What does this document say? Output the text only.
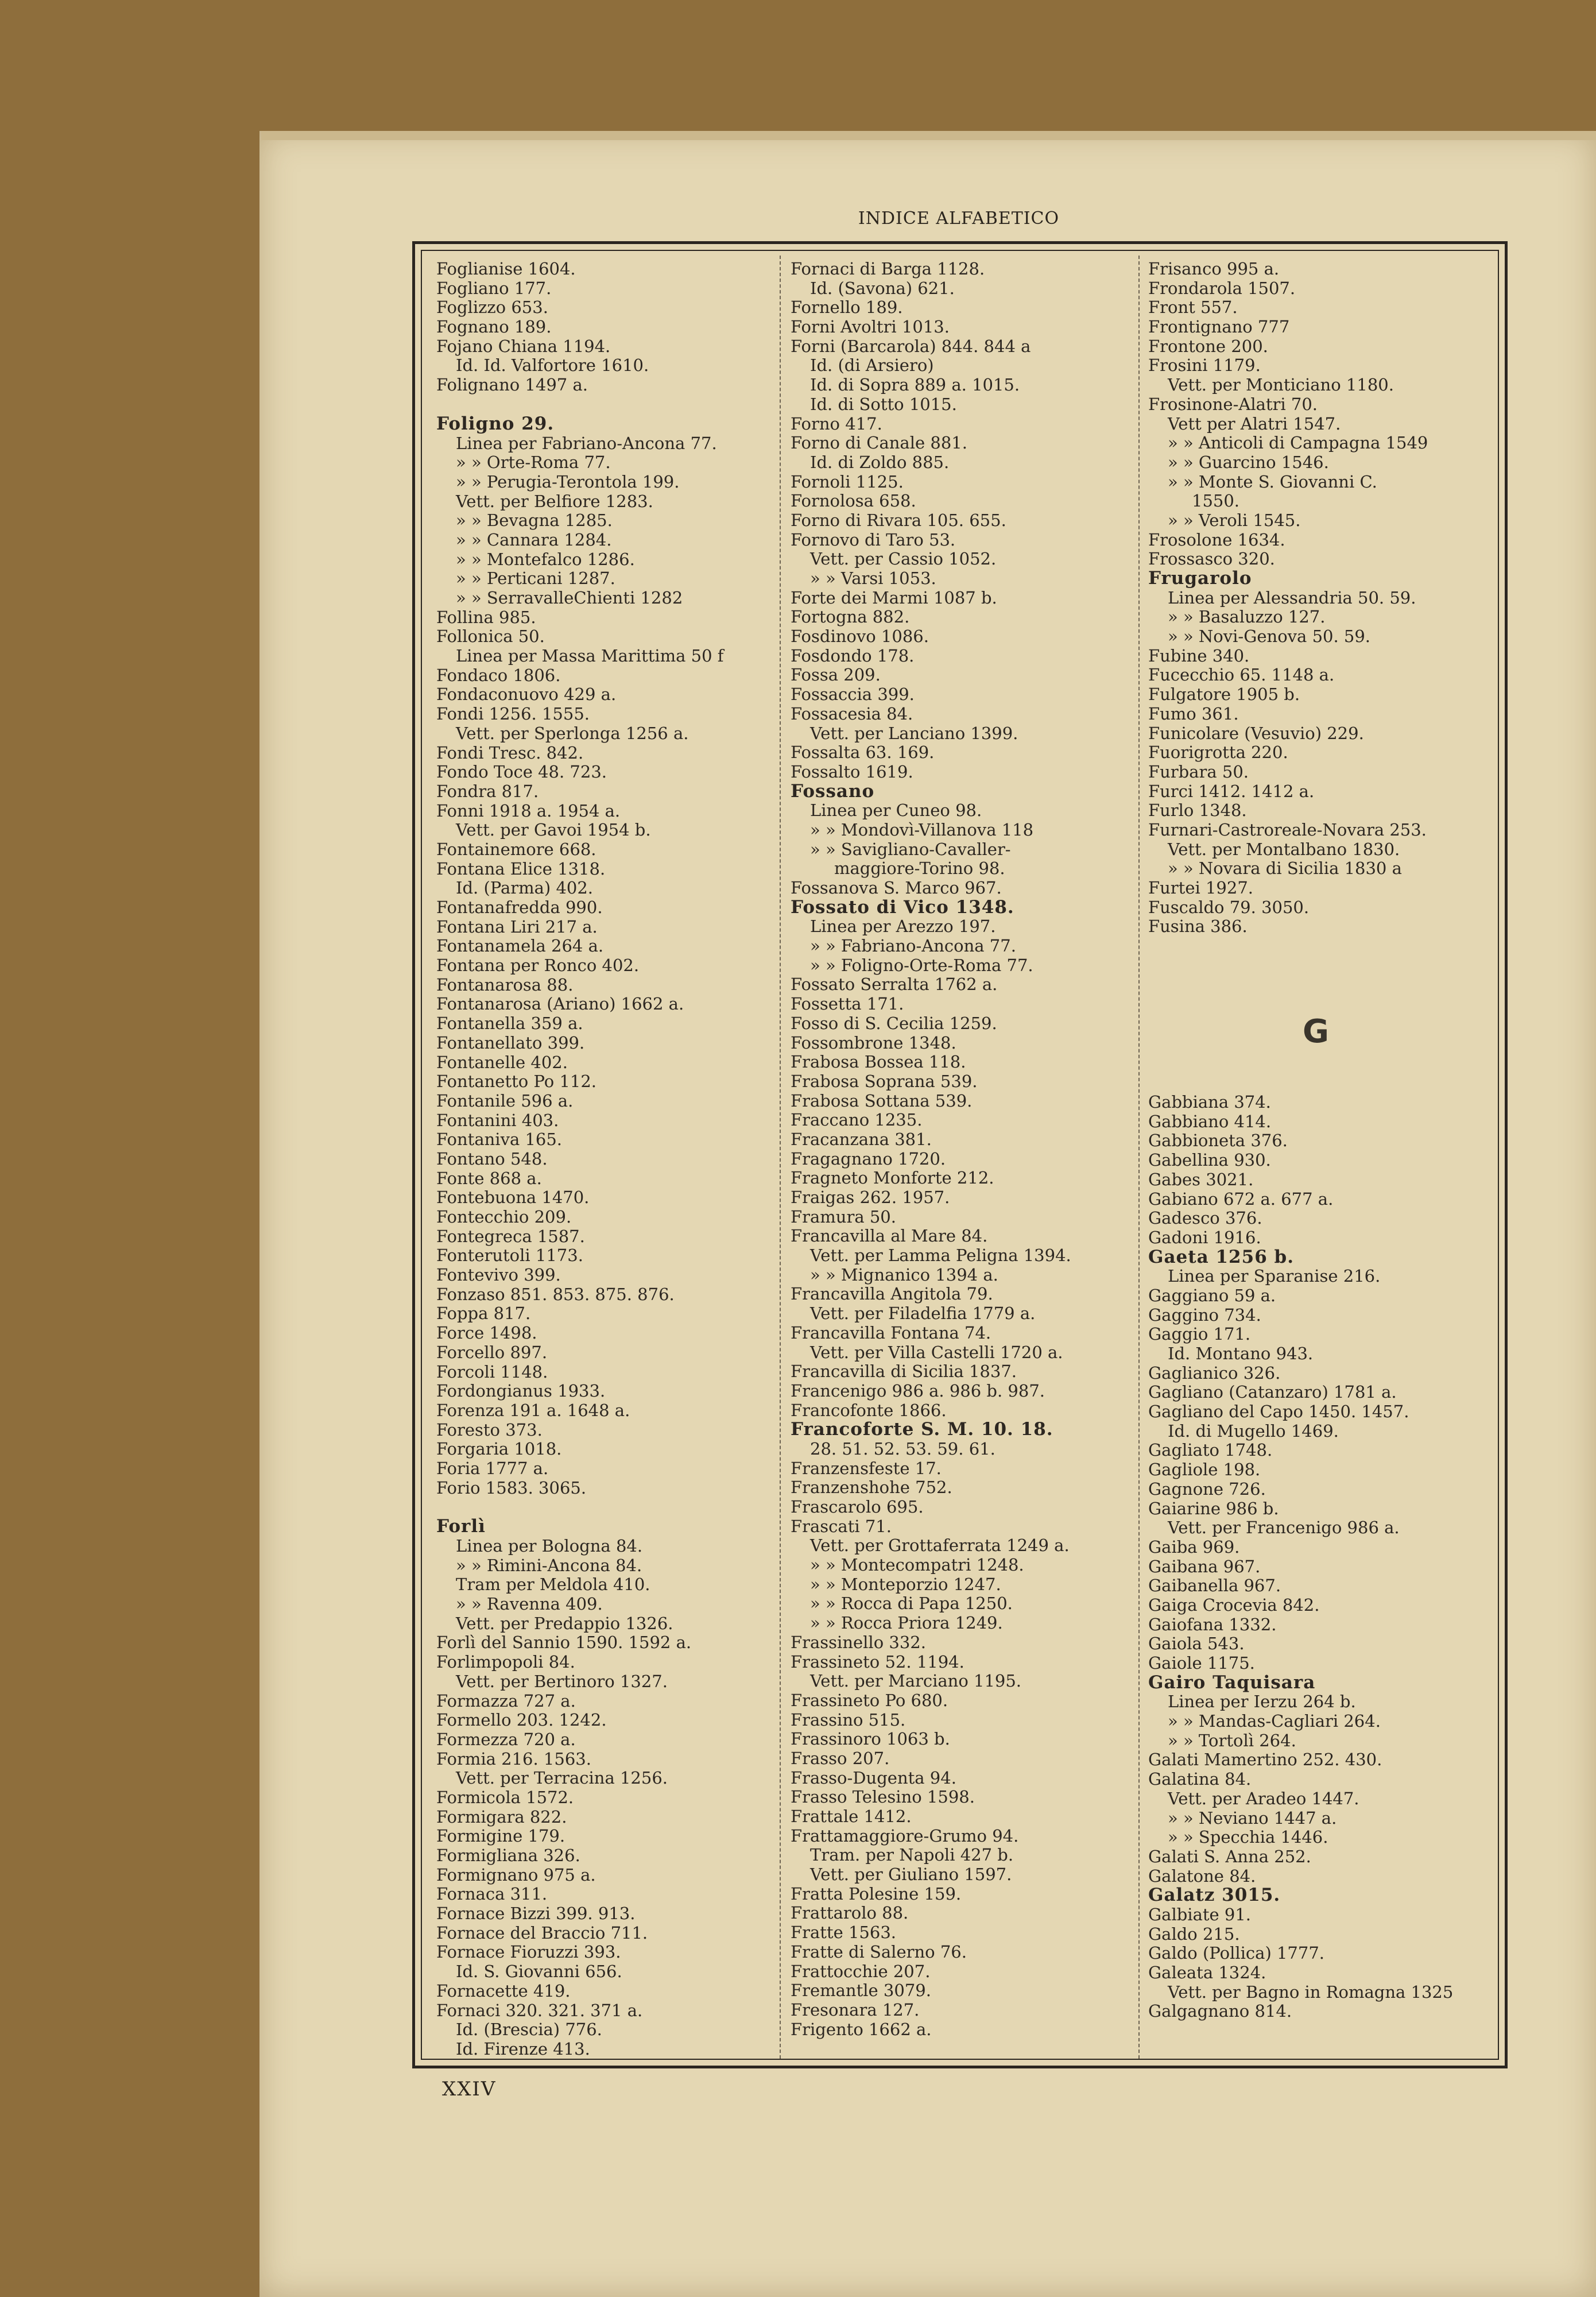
INDICE ALFABETICO
Foglianise 1604.
Fogliano 177.
Foglizzo 653.
Fognano 189.
Fojano Chiana 1194.
Id. Id. Valfortore 1610.
Folignano 1497 a.
Foligno 29.
Linea per Fabriano-Ancona 77.
» » Orte-Roma 77.
» » Perugia-Terontola 199.
Vett. per Belfiore 1283.
» » Bevagna 1285.
» » Cannara 1284.
» » Montefalco 1286.
» » Perticani 1287.
» » SerravalleChienti 1282
Follina 985.
Follonica 50.
Linea per Massa Marittima 50 f
Fondaco 1806.
Fondaconuovo 429 a.
Fondi 1256. 1555.
Vett. per Sperlonga 1256 a.
Fondi Tresc. 842.
Fondo Toce 48. 723.
Fondra 817.
Fonni 1918 a. 1954 a.
Vett. per Gavoi 1954 b.
Fontainemore 668.
Fontana Elice 1318.
Id. (Parma) 402.
Fontanafredda 990.
Fontana Liri 217 a.
Fontanamela 264 a.
Fontana per Ronco 402.
Fontanarosa 88.
Fontanarosa (Ariano) 1662 a.
Fontanella 359 a.
Fontanellato 399.
Fontanelle 402.
Fontanetto Po 112.
Fontanile 596 a.
Fontanini 403.
Fontaniva 165.
Fontano 548.
Fonte 868 a.
Fontebuona 1470.
Fontecchio 209.
Fontegreca 1587.
Fonterutoli 1173.
Fontevivo 399.
Fonzaso 851. 853. 875. 876.
Foppa 817.
Force 1498.
Forcello 897.
Forcoli 1148.
Fordongianus 1933.
Forenza 191 a. 1648 a.
Foresto 373.
Forgaria 1018.
Foria 1777 a.
Forio 1583. 3065.
Forlì
Linea per Bologna 84.
» » Rimini-Ancona 84.
Tram per Meldola 410.
» » Ravenna 409.
Vett. per Predappio 1326.
Forlì del Sannio 1590. 1592 a.
Forlimpopoli 84.
Vett. per Bertinoro 1327.
Formazza 727 a.
Formello 203. 1242.
Formezza 720 a.
Formia 216. 1563.
Vett. per Terracina 1256.
Formicola 1572.
Formigara 822.
Formigine 179.
Formigliana 326.
Formignano 975 a.
Fornaca 311.
Fornace Bizzi 399. 913.
Fornace del Braccio 711.
Fornace Fioruzzi 393.
Id. S. Giovanni 656.
Fornacette 419.
Fornaci 320. 321. 371 a.
Id. (Brescia) 776.
Id. Firenze 413.
Fornaci di Barga 1128.
Id. (Savona) 621.
Fornello 189.
Forni Avoltri 1013.
Forni (Barcarola) 844. 844 a
Id. (di Arsiero)
Id. di Sopra 889 a. 1015.
Id. di Sotto 1015.
Forno 417.
Forno di Canale 881.
Id. di Zoldo 885.
Fornoli 1125.
Fornolosa 658.
Forno di Rivara 105. 655.
Fornovo di Taro 53.
Vett. per Cassio 1052.
» » Varsi 1053.
Forte dei Marmi 1087 b.
Fortogna 882.
Fosdinovo 1086.
Fosdondo 178.
Fossa 209.
Fossaccia 399.
Fossacesia 84.
Vett. per Lanciano 1399.
Fossalta 63. 169.
Fossalto 1619.
Fossano
Linea per Cuneo 98.
» » Mondovì-Villanova 118
» » Savigliano-Cavaller-
maggiore-Torino 98.
Fossanova S. Marco 967.
Fossato di Vico 1348.
Linea per Arezzo 197.
» » Fabriano-Ancona 77.
» » Foligno-Orte-Roma 77.
Fossato Serralta 1762 a.
Fossetta 171.
Fosso di S. Cecilia 1259.
Fossombrone 1348.
Frabosa Bossea 118.
Frabosa Soprana 539.
Frabosa Sottana 539.
Fraccano 1235.
Fracanzana 381.
Fragagnano 1720.
Fragneto Monforte 212.
Fraigas 262. 1957.
Framura 50.
Francavilla al Mare 84.
Vett. per Lamma Peligna 1394.
» » Mignanico 1394 a.
Francavilla Angitola 79.
Vett. per Filadelfia 1779 a.
Francavilla Fontana 74.
Vett. per Villa Castelli 1720 a.
Francavilla di Sicilia 1837.
Francenigo 986 a. 986 b. 987.
Francofonte 1866.
Francoforte S. M. 10. 18.
28. 51. 52. 53. 59. 61.
Franzensfeste 17.
Franzenshohe 752.
Frascarolo 695.
Frascati 71.
Vett. per Grottaferrata 1249 a.
» » Montecompatri 1248.
» » Monteporzio 1247.
» » Rocca di Papa 1250.
» » Rocca Priora 1249.
Frassinello 332.
Frassineto 52. 1194.
Vett. per Marciano 1195.
Frassineto Po 680.
Frassino 515.
Frassinoro 1063 b.
Frasso 207.
Frasso-Dugenta 94.
Frasso Telesino 1598.
Frattale 1412.
Frattamaggiore-Grumo 94.
Tram. per Napoli 427 b.
Vett. per Giuliano 1597.
Fratta Polesine 159.
Frattarolo 88.
Fratte 1563.
Fratte di Salerno 76.
Frattocchie 207.
Fremantle 3079.
Fresonara 127.
Frigento 1662 a.
Frisanco 995 a.
Frondarola 1507.
Front 557.
Frontignano 777
Frontone 200.
Frosini 1179.
Vett. per Monticiano 1180.
Frosinone-Alatri 70.
Vett per Alatri 1547.
» » Anticoli di Campagna 1549
» » Guarcino 1546.
» » Monte S. Giovanni C.
1550.
» » Veroli 1545.
Frosolone 1634.
Frossasco 320.
Frugarolo
Linea per Alessandria 50. 59.
» » Basaluzzo 127.
» » Novi-Genova 50. 59.
Fubine 340.
Fucecchio 65. 1148 a.
Fulgatore 1905 b.
Fumo 361.
Funicolare (Vesuvio) 229.
Fuorigrotta 220.
Furbara 50.
Furci 1412. 1412 a.
Furlo 1348.
Furnari-Castroreale-Novara 253.
Vett. per Montalbano 1830.
» » Novara di Sicilia 1830 a
Furtei 1927.
Fuscaldo 79. 3050.
Fusina 386.
Gabbiana 374.
Gabbiano 414.
Gabbioneta 376.
Gabellina 930.
Gabes 3021.
Gabiano 672 a. 677 a.
Gadesco 376.
Gadoni 1916.
Gaeta 1256 b.
Linea per Sparanise 216.
Gaggiano 59 a.
Gaggino 734.
Gaggio 171.
Id. Montano 943.
Gaglianico 326.
Gagliano (Catanzaro) 1781 a.
Gagliano del Capo 1450. 1457.
Id. di Mugello 1469.
Gagliato 1748.
Gagliole 198.
Gagnone 726.
Gaiarine 986 b.
Vett. per Francenigo 986 a.
Gaiba 969.
Gaibana 967.
Gaibanella 967.
Gaiga Crocevia 842.
Gaiofana 1332.
Gaiola 543.
Gaiole 1175.
Gairo Taquisara
Linea per Ierzu 264 b.
» » Mandas-Cagliari 264.
» » Tortolì 264.
Galati Mamertino 252. 430.
Galatina 84.
Vett. per Aradeo 1447.
» » Neviano 1447 a.
» » Specchia 1446.
Galati S. Anna 252.
Galatone 84.
Galatz 3015.
Galbiate 91.
Galdo 215.
Galdo (Pollica) 1777.
Galeata 1324.
Vett. per Bagno in Romagna 1325
Galgagnano 814.
G
XXIV
